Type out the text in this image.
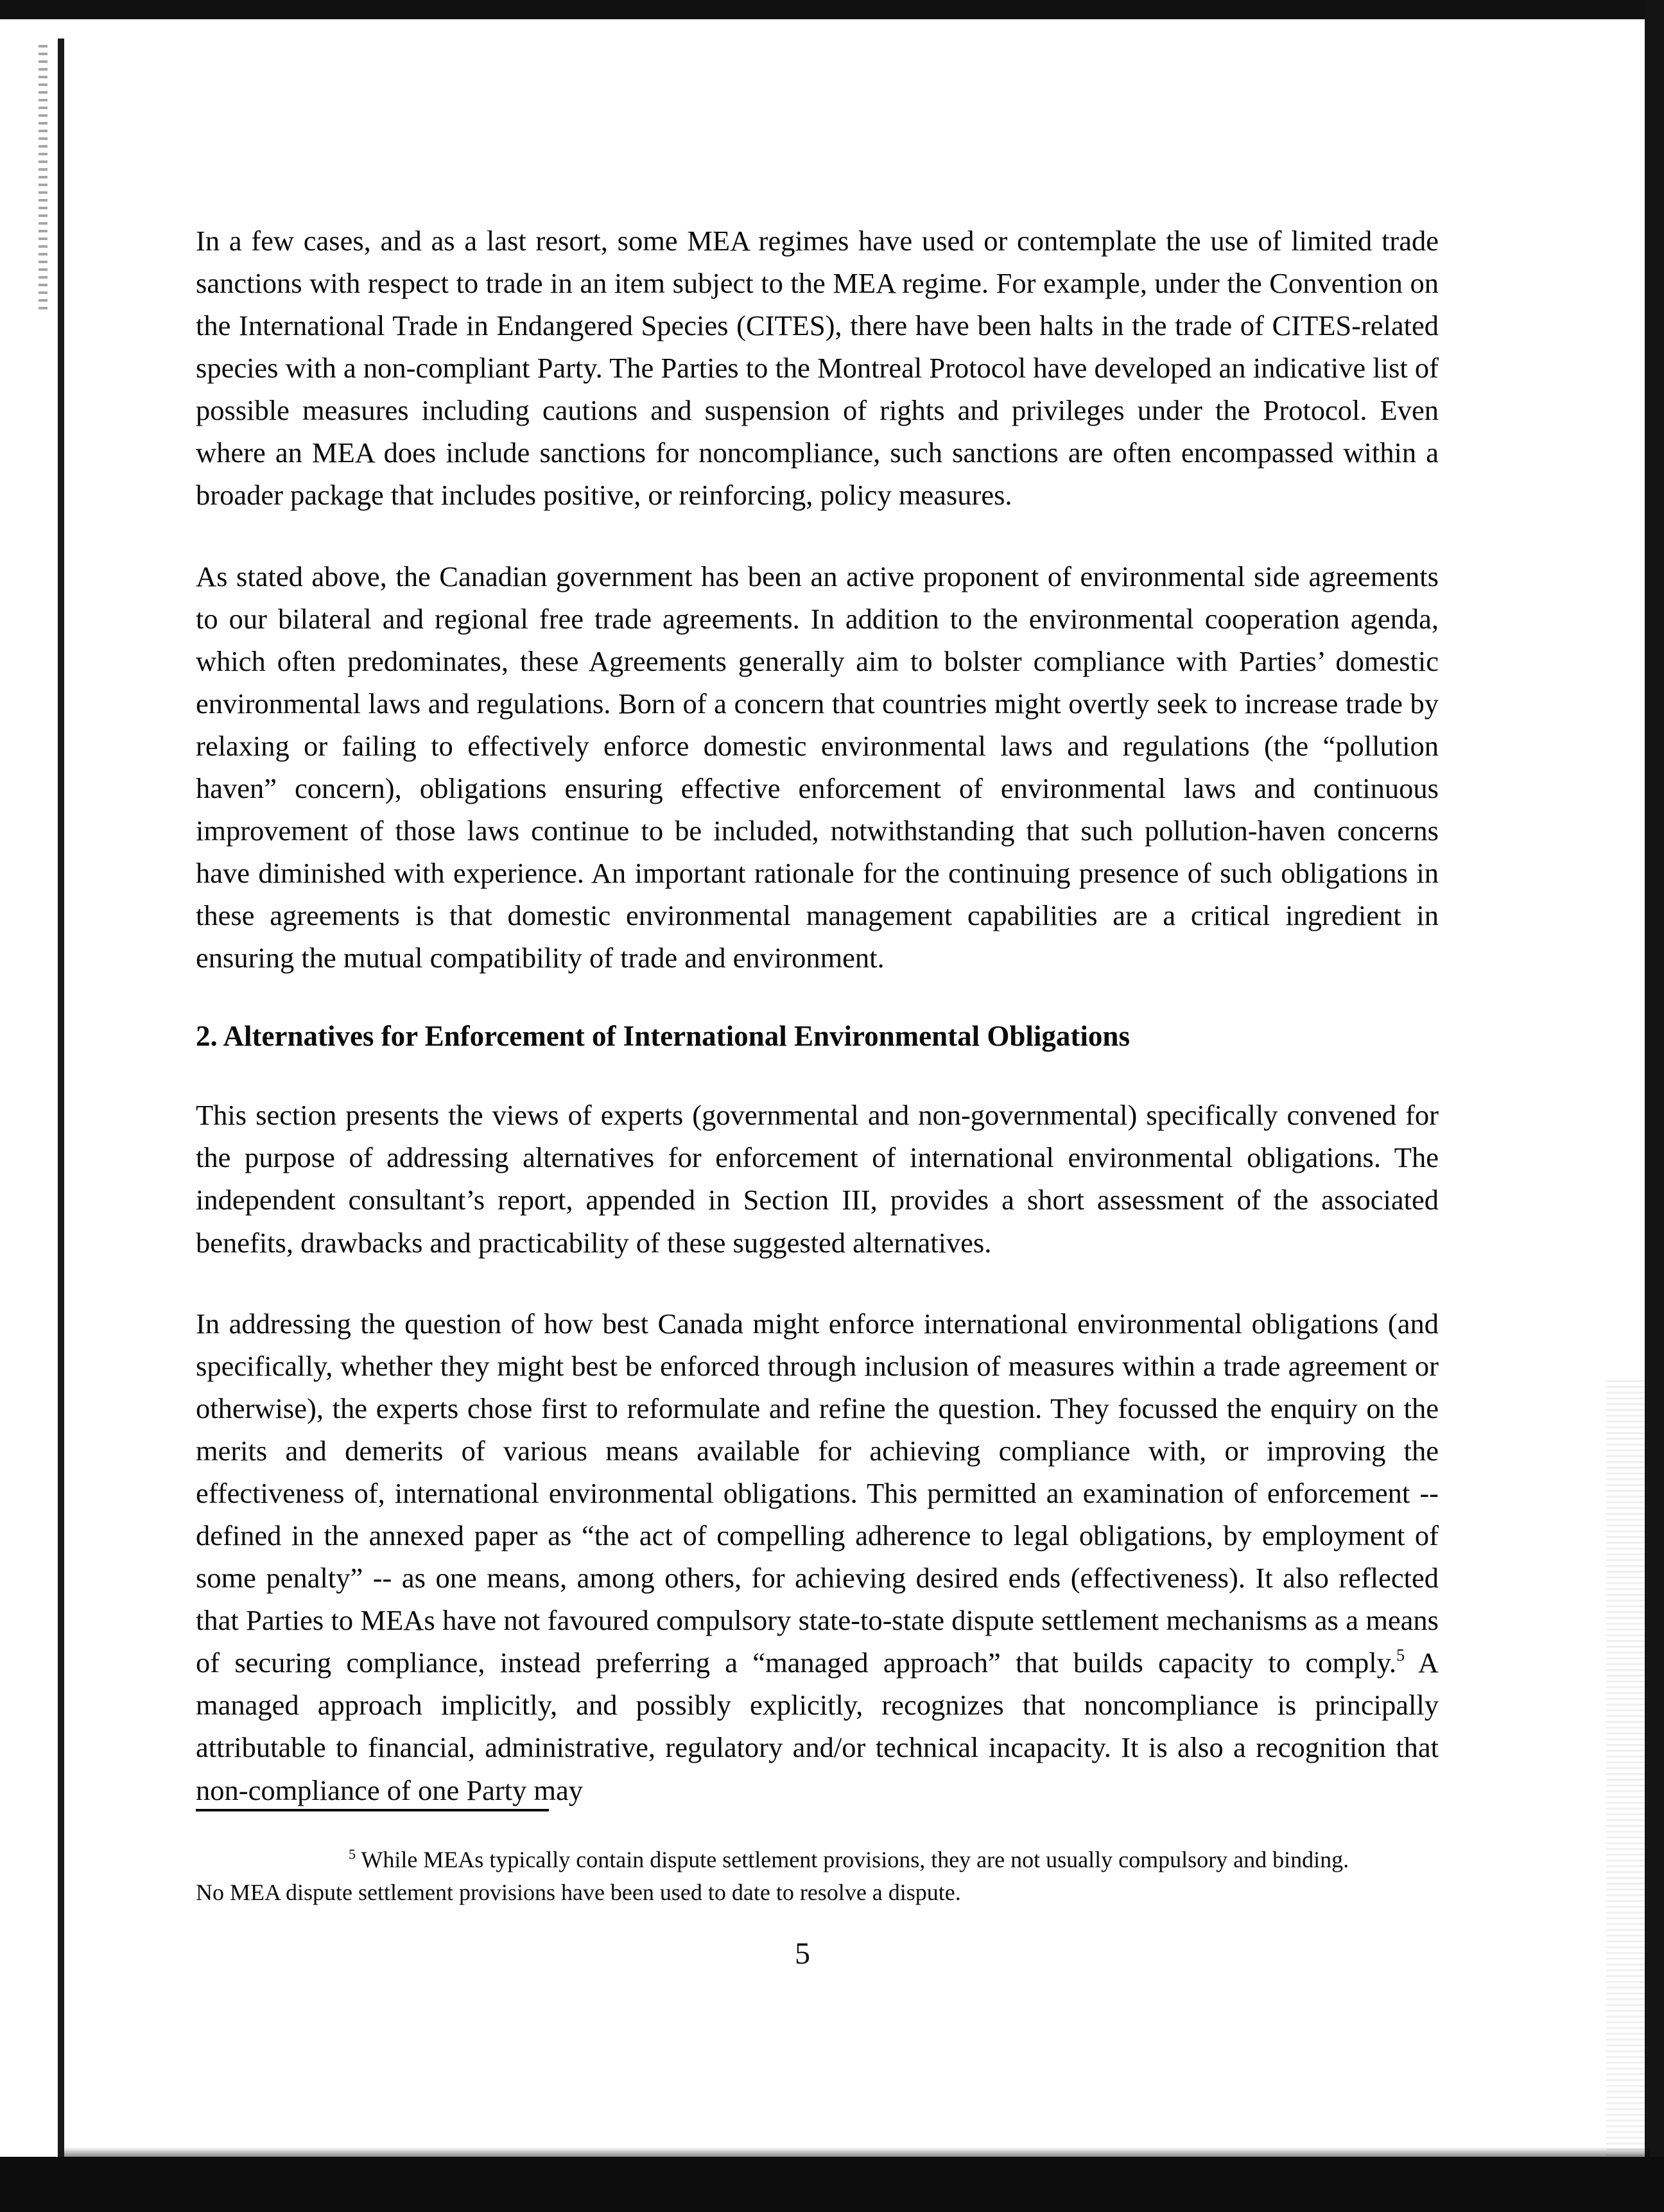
In a few cases, and as a last resort, some MEA regimes have used or contemplate the use of limited trade sanctions with respect to trade in an item subject to the MEA regime. For example, under the Convention on the International Trade in Endangered Species (CITES), there have been halts in the trade of CITES-related species with a non-compliant Party. The Parties to the Montreal Protocol have developed an indicative list of possible measures including cautions and suspension of rights and privileges under the Protocol. Even where an MEA does include sanctions for noncompliance, such sanctions are often encompassed within a broader package that includes positive, or reinforcing, policy measures.

As stated above, the Canadian government has been an active proponent of environmental side agreements to our bilateral and regional free trade agreements. In addition to the environmental cooperation agenda, which often predominates, these Agreements generally aim to bolster compliance with Parties’ domestic environmental laws and regulations. Born of a concern that countries might overtly seek to increase trade by relaxing or failing to effectively enforce domestic environmental laws and regulations (the “pollution haven” concern), obligations ensuring effective enforcement of environmental laws and continuous improvement of those laws continue to be included, notwithstanding that such pollution-haven concerns have diminished with experience. An important rationale for the continuing presence of such obligations in these agreements is that domestic environmental management capabilities are a critical ingredient in ensuring the mutual compatibility of trade and environment.

2. Alternatives for Enforcement of International Environmental Obligations

This section presents the views of experts (governmental and non-governmental) specifically convened for the purpose of addressing alternatives for enforcement of international environmental obligations. The independent consultant’s report, appended in Section III, provides a short assessment of the associated benefits, drawbacks and practicability of these suggested alternatives.

In addressing the question of how best Canada might enforce international environmental obligations (and specifically, whether they might best be enforced through inclusion of measures within a trade agreement or otherwise), the experts chose first to reformulate and refine the question. They focussed the enquiry on the merits and demerits of various means available for achieving compliance with, or improving the effectiveness of, international environmental obligations. This permitted an examination of enforcement -- defined in the annexed paper as “the act of compelling adherence to legal obligations, by employment of some penalty” -- as one means, among others, for achieving desired ends (effectiveness). It also reflected that Parties to MEAs have not favoured compulsory state-to-state dispute settlement mechanisms as a means of securing compliance, instead preferring a “managed approach” that builds capacity to comply.$^5$ A managed approach implicitly, and possibly explicitly, recognizes that noncompliance is principally attributable to financial, administrative, regulatory and/or technical incapacity. It is also a recognition that non-compliance of one Party may

$^5$ While MEAs typically contain dispute settlement provisions, they are not usually compulsory and binding. No MEA dispute settlement provisions have been used to date to resolve a dispute.

5
